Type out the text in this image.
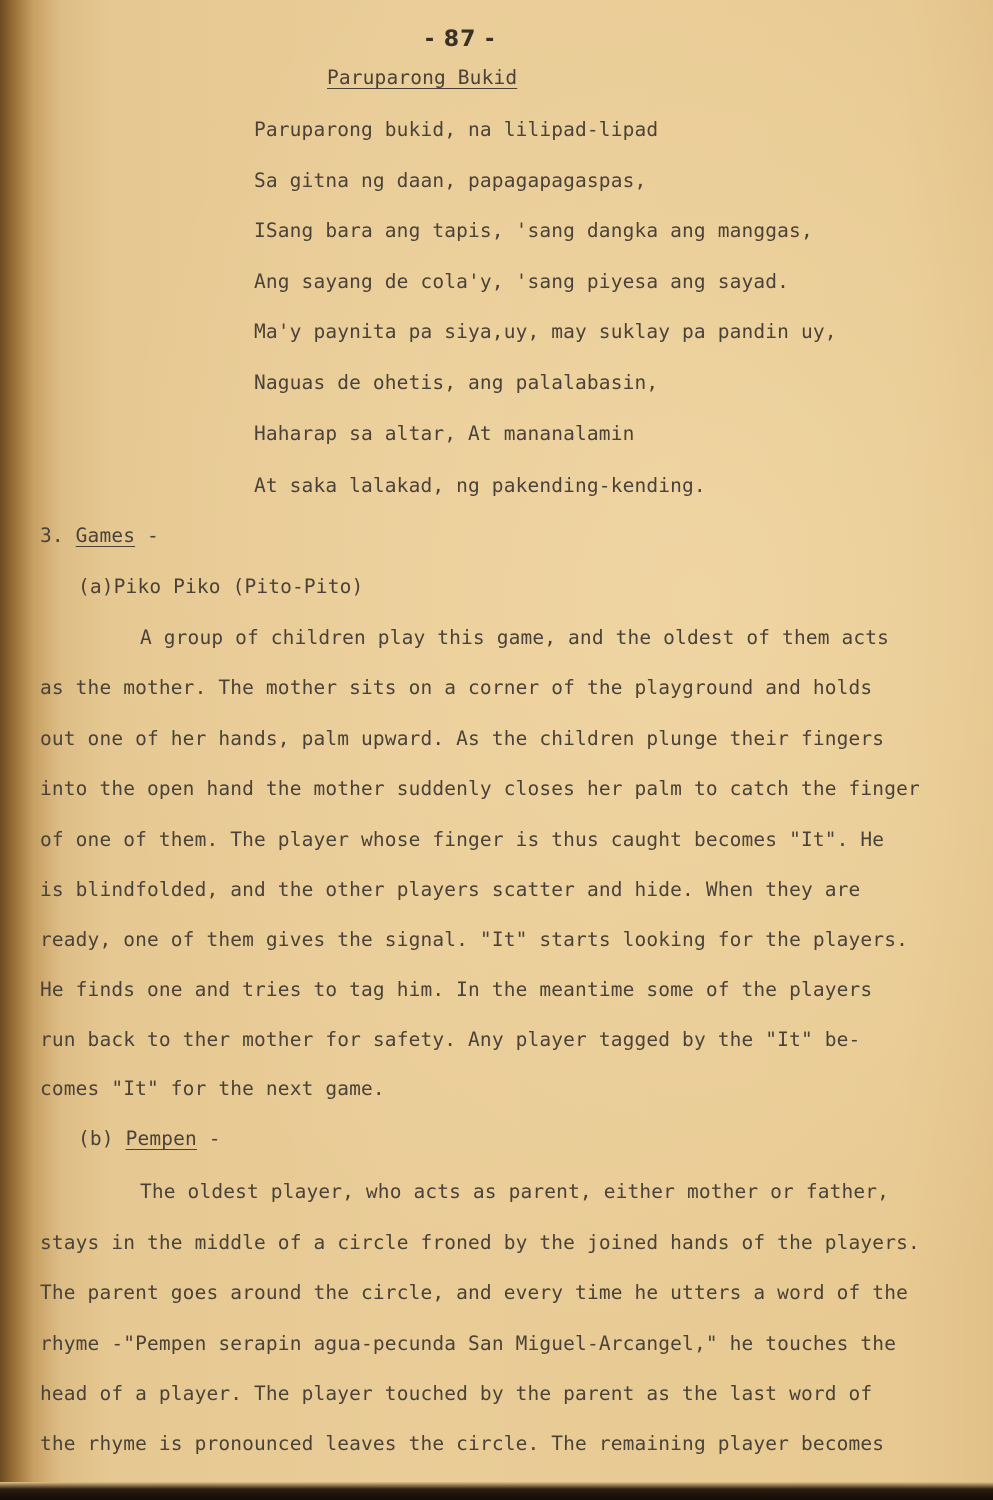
- 87 -
Paruparong Bukid
Paruparong bukid, na lilipad-lipad
Sa gitna ng daan, papagapagaspas,
ISang bara ang tapis, 'sang dangka ang manggas,
Ang sayang de cola'y, 'sang piyesa ang sayad.
Ma'y paynita pa siya,uy, may suklay pa pandin uy,
Naguas de ohetis, ang palalabasin,
Haharap sa altar, At mananalamin
At saka lalakad, ng pakending-kending.
3. Games -
(a)Piko Piko (Pito-Pito)
A group of children play this game, and the oldest of them acts
as the mother. The mother sits on a corner of the playground and holds
out one of her hands, palm upward. As the children plunge their fingers
into the open hand the mother suddenly closes her palm to catch the finger
of one of them. The player whose finger is thus caught becomes "It". He
is blindfolded, and the other players scatter and hide. When they are
ready, one of them gives the signal. "It" starts looking for the players.
He finds one and tries to tag him. In the meantime some of the players
run back to ther mother for safety. Any player tagged by the "It" be-
comes "It" for the next game.
(b) Pempen -
The oldest player, who acts as parent, either mother or father,
stays in the middle of a circle froned by the joined hands of the players.
The parent goes around the circle, and every time he utters a word of the
rhyme -"Pempen serapin agua-pecunda San Miguel-Arcangel," he touches the
head of a player. The player touched by the parent as the last word of
the rhyme is pronounced leaves the circle. The remaining player becomes
